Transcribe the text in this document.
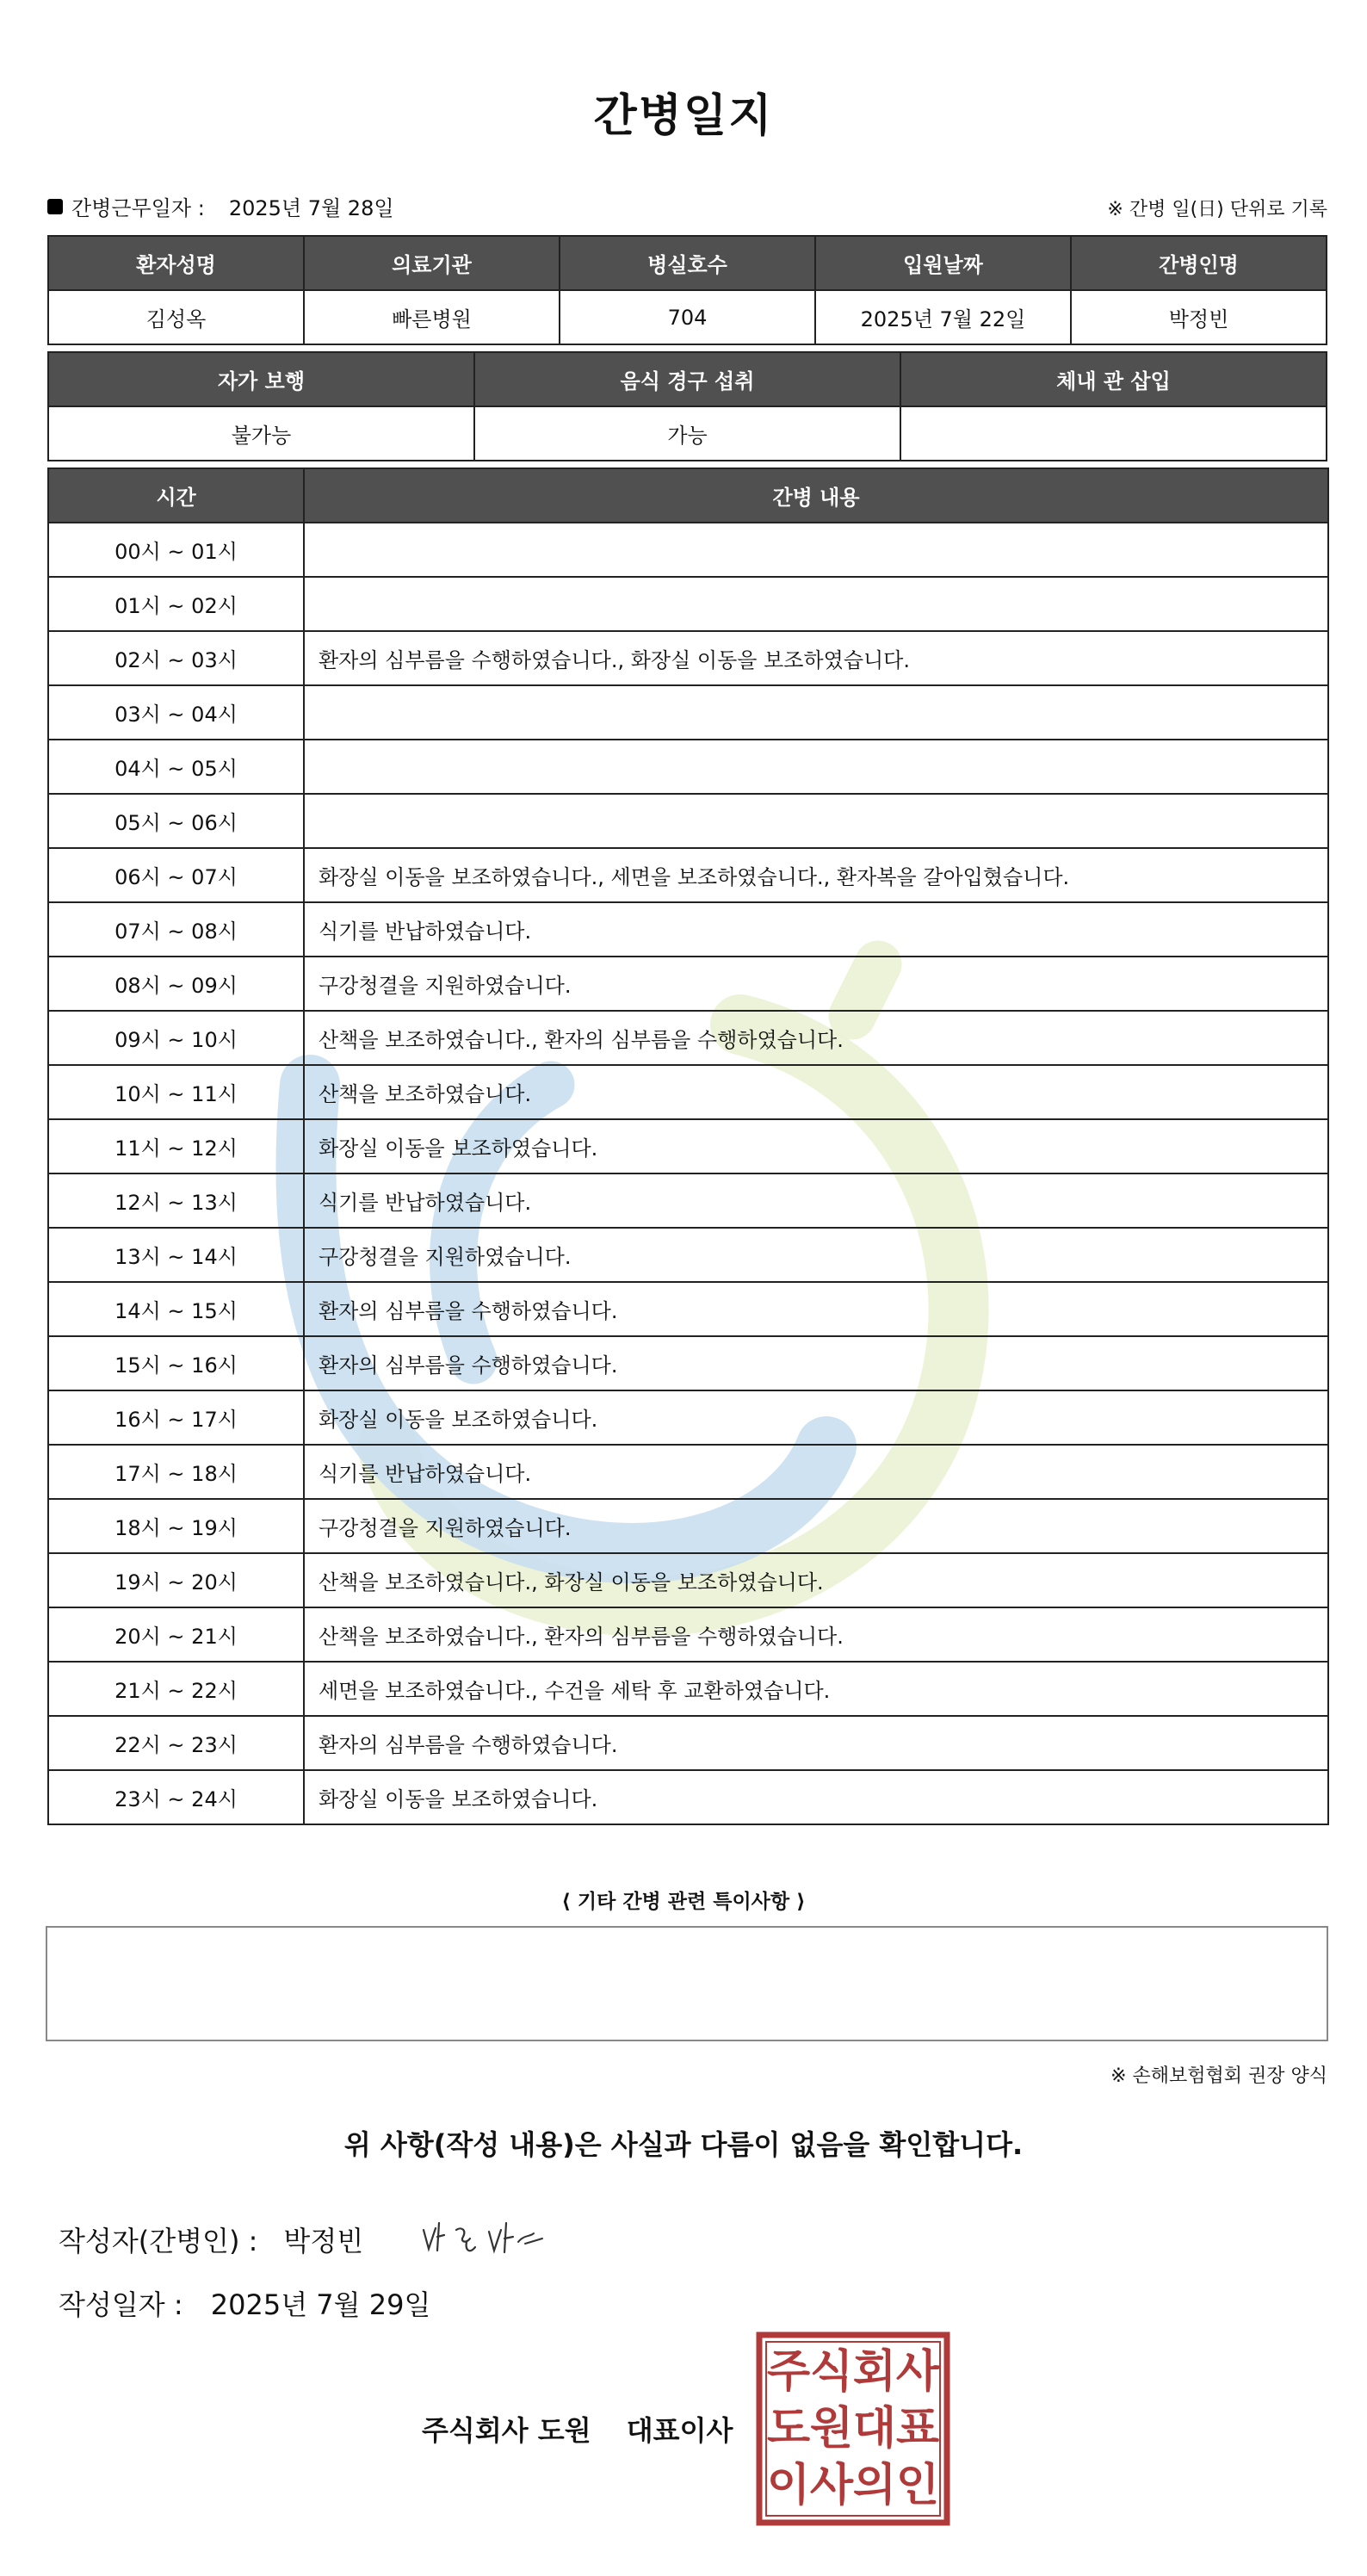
간병일지
간병근무일자 : 2025년 7월 28일	※ 간병 일(日) 단위로 기록
환자성명	의료기관	병실호수	입원날짜	간병인명
김성옥	빠른병원	704	2025년 7월 22일	박정빈
자가 보행	음식 경구 섭취	체내 관 삽입
불가능	가능	
시간	간병 내용
00시 ~ 01시	
01시 ~ 02시	
02시 ~ 03시	환자의 심부름을 수행하였습니다., 화장실 이동을 보조하였습니다.
03시 ~ 04시	
04시 ~ 05시	
05시 ~ 06시	
06시 ~ 07시	화장실 이동을 보조하였습니다., 세면을 보조하였습니다., 환자복을 갈아입혔습니다.
07시 ~ 08시	식기를 반납하였습니다.
08시 ~ 09시	구강청결을 지원하였습니다.
09시 ~ 10시	산책을 보조하였습니다., 환자의 심부름을 수행하였습니다.
10시 ~ 11시	산책을 보조하였습니다.
11시 ~ 12시	화장실 이동을 보조하였습니다.
12시 ~ 13시	식기를 반납하였습니다.
13시 ~ 14시	구강청결을 지원하였습니다.
14시 ~ 15시	환자의 심부름을 수행하였습니다.
15시 ~ 16시	환자의 심부름을 수행하였습니다.
16시 ~ 17시	화장실 이동을 보조하였습니다.
17시 ~ 18시	식기를 반납하였습니다.
18시 ~ 19시	구강청결을 지원하였습니다.
19시 ~ 20시	산책을 보조하였습니다., 화장실 이동을 보조하였습니다.
20시 ~ 21시	산책을 보조하였습니다., 환자의 심부름을 수행하였습니다.
21시 ~ 22시	세면을 보조하였습니다., 수건을 세탁 후 교환하였습니다.
22시 ~ 23시	환자의 심부름을 수행하였습니다.
23시 ~ 24시	화장실 이동을 보조하였습니다.
⟨ 기타 간병 관련 특이사항 ⟩
※ 손해보험협회 권장 양식
위 사항(작성 내용)은 사실과 다름이 없음을 확인합니다.
작성자(간병인) : 박정빈
작성일자 : 2025년 7월 29일
주식회사 도원 대표이사
주 식 회 사
도 원 대 표
이 사 의 인
